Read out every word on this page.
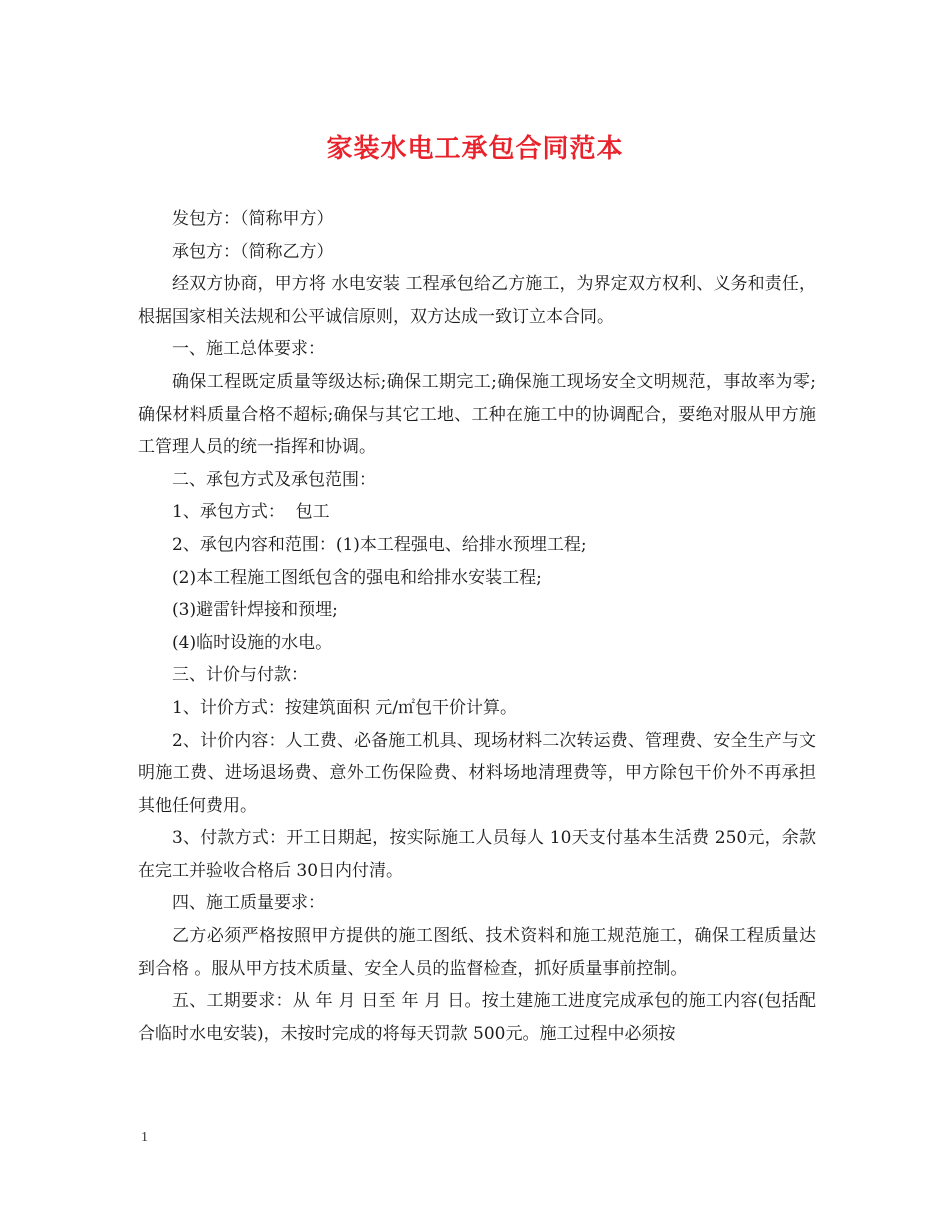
家装水电工承包合同范本

发包方：（简称甲方）

承包方：（简称乙方）

经双方协商，甲方将 水电安装 工程承包给乙方施工，为界定双方权利、义务和责任，根据国家相关法规和公平诚信原则，双方达成一致订立本合同。

一、施工总体要求：

确保工程既定质量等级达标;确保工期完工;确保施工现场安全文明规范，事故率为零;确保材料质量合格不超标;确保与其它工地、工种在施工中的协调配合，要绝对服从甲方施工管理人员的统一指挥和协调。

二、承包方式及承包范围：

1、承包方式：  包工

2、承包内容和范围：(1)本工程强电、给排水预埋工程;

(2)本工程施工图纸包含的强电和给排水安装工程;

(3)避雷针焊接和预埋;

(4)临时设施的水电。

三、计价与付款：

1、计价方式：按建筑面积 元/㎡包干价计算。

2、计价内容：人工费、必备施工机具、现场材料二次转运费、管理费、安全生产与文明施工费、进场退场费、意外工伤保险费、材料场地清理费等，甲方除包干价外不再承担其他任何费用。

3、付款方式：开工日期起，按实际施工人员每人 10天支付基本生活费 250元，余款在完工并验收合格后 30日内付清。

四、施工质量要求：

乙方必须严格按照甲方提供的施工图纸、技术资料和施工规范施工，确保工程质量达到合格 。服从甲方技术质量、安全人员的监督检查，抓好质量事前控制。

五、工期要求：从 年 月 日至 年 月 日。按土建施工进度完成承包的施工内容(包括配合临时水电安装)，未按时完成的将每天罚款 500元。施工过程中必须按

1
